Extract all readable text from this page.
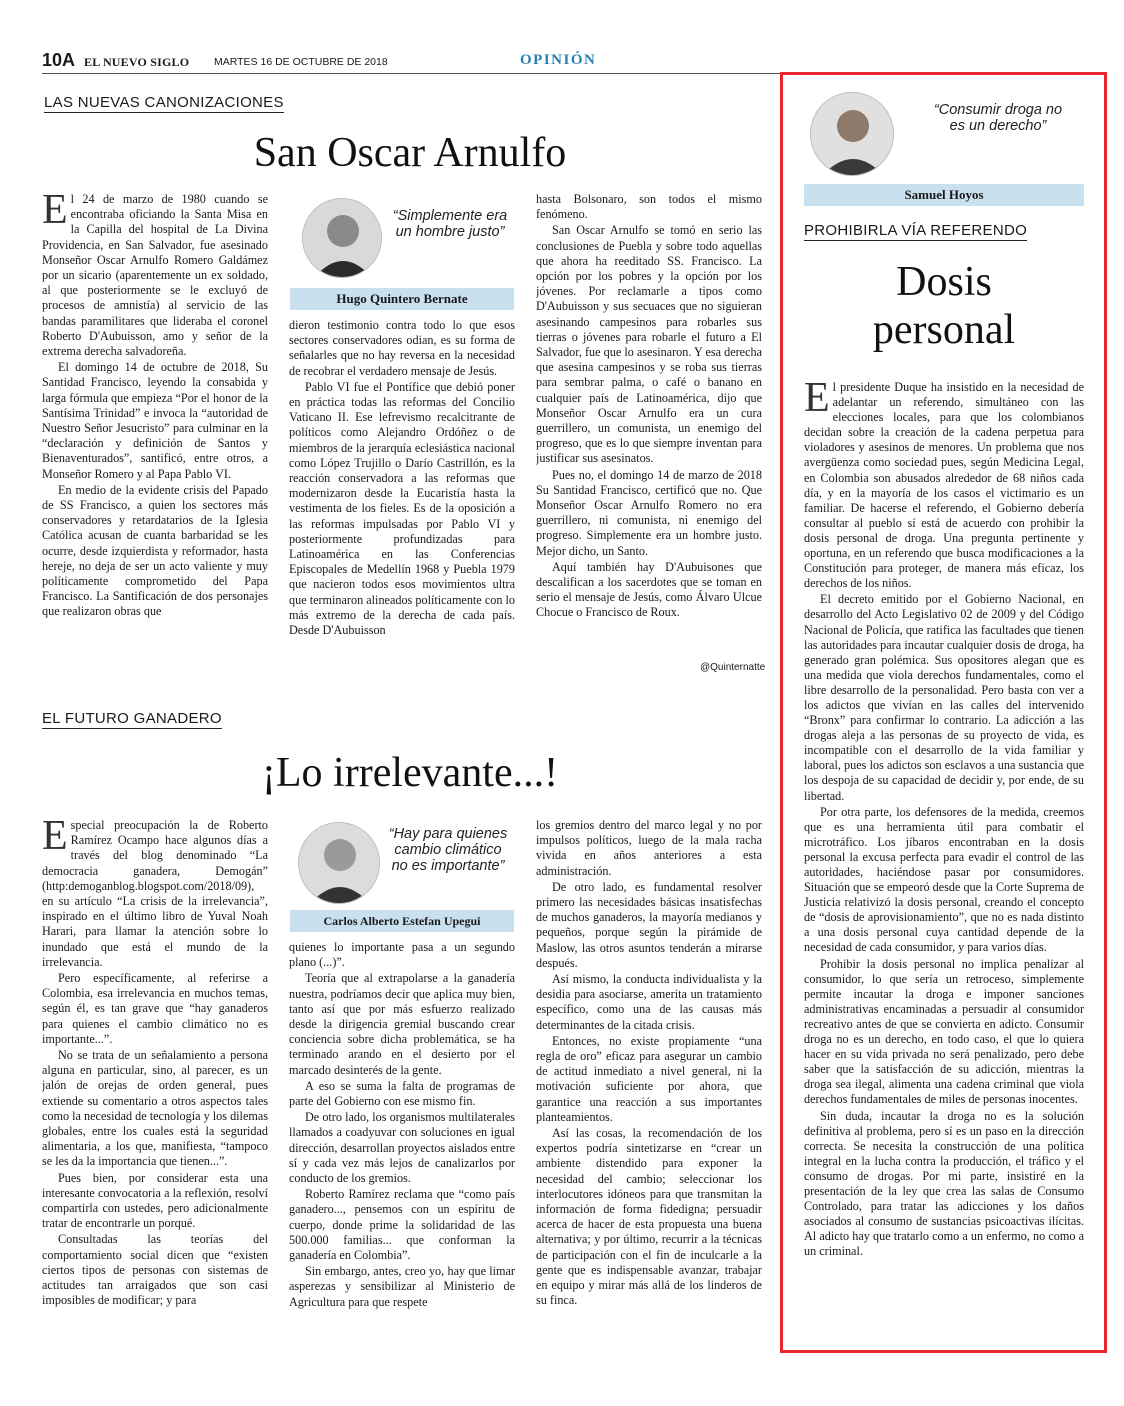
10A EL NUEVO SIGLO MARTES 16 DE OCTUBRE DE 2018	OPINIÓN
LAS NUEVAS CANONIZACIONES
San Oscar Arnulfo

El 24 de marzo de 1980 cuando se encontraba oficiando la Santa Misa en la Capilla del hospital de La Divina Providencia, en San Salvador, fue asesinado Monseñor Oscar Arnulfo Romero Galdámez por un sicario (aparentemente un ex soldado, al que posteriormente se le excluyó de procesos de amnistía) al servicio de las bandas paramilitares que lideraba el coronel Roberto D'Aubuisson, amo y señor de la extrema derecha salvadoreña.

El domingo 14 de octubre de 2018, Su Santidad Francisco, leyendo la consabida y larga fórmula que empieza “Por el honor de la Santísima Trinidad” e invoca la “autoridad de Nuestro Señor Jesucristo” para culminar en la “declaración y definición de Santos y Bienaventurados”, santificó, entre otros, a Monseñor Romero y al Papa Pablo VI.

En medio de la evidente crisis del Papado de SS Francisco, a quien los sectores más conservadores y retardatarios de la Iglesia Católica acusan de cuanta barbaridad se les ocurre, desde izquierdista y reformador, hasta hereje, no deja de ser un acto valiente y muy políticamente comprometido del Papa Francisco. La Santificación de dos personajes que realizaron obras que

“Simplemente era un hombre justo”
Hugo Quintero Bernate

dieron testimonio contra todo lo que esos sectores conservadores odian, es su forma de señalarles que no hay reversa en la necesidad de recobrar el verdadero mensaje de Jesús.

Pablo VI fue el Pontífice que debió poner en práctica todas las reformas del Concilio Vaticano II. Ese lefrevismo recalcitrante de políticos como Alejandro Ordóñez o de miembros de la jerarquía eclesiástica nacional como López Trujillo o Darío Castrillón, es la reacción conservadora a las reformas que modernizaron desde la Eucaristía hasta la vestimenta de los fieles. Es de la oposición a las reformas impulsadas por Pablo VI y posteriormente profundizadas para Latinoamérica en las Conferencias Episcopales de Medellín 1968 y Puebla 1979 que nacieron todos esos movimientos ultra que terminaron alineados políticamente con lo más extremo de la derecha de cada país. Desde D'Aubuisson

hasta Bolsonaro, son todos el mismo fenómeno.

San Oscar Arnulfo se tomó en serio las conclusiones de Puebla y sobre todo aquellas que ahora ha reeditado SS. Francisco. La opción por los pobres y la opción por los jóvenes. Por reclamarle a tipos como D'Aubuisson y sus secuaces que no siguieran asesinando campesinos para robarles sus tierras o jóvenes para robarle el futuro a El Salvador, fue que lo asesinaron. Y esa derecha que asesina campesinos y se roba sus tierras para sembrar palma, o café o banano en cualquier país de Latinoamérica, dijo que Monseñor Oscar Arnulfo era un cura guerrillero, un comunista, un enemigo del progreso, que es lo que siempre inventan para justificar sus asesinatos.

Pues no, el domingo 14 de marzo de 2018 Su Santidad Francisco, certificó que no. Que Monseñor Oscar Arnulfo Romero no era guerrillero, ni comunista, ni enemigo del progreso. Simplemente era un hombre justo. Mejor dicho, un Santo.

Aquí también hay D'Aubuisones que descalifican a los sacerdotes que se toman en serio el mensaje de Jesús, como Álvaro Ulcue Chocue o Francisco de Roux.

@Quinternatte
EL FUTURO GANADERO
¡Lo irrelevante...!

Especial preocupación la de Roberto Ramírez Ocampo hace algunos días a través del blog denominado “La democracia ganadera, Demogán” (http:demoganblog.blogspot.com/2018/09), en su artículo “La crisis de la irrelevancia”, inspirado en el último libro de Yuval Noah Harari, para llamar la atención sobre lo inundado que está el mundo de la irrelevancia.

Pero específicamente, al referirse a Colombia, esa irrelevancia en muchos temas, según él, es tan grave que “hay ganaderos para quienes el cambio climático no es importante...”.

No se trata de un señalamiento a persona alguna en particular, sino, al parecer, es un jalón de orejas de orden general, pues extiende su comentario a otros aspectos tales como la necesidad de tecnología y los dilemas globales, entre los cuales está la seguridad alimentaria, a los que, manifiesta, “tampoco se les da la importancia que tienen...”.

Pues bien, por considerar esta una interesante convocatoria a la reflexión, resolví compartirla con ustedes, pero adicionalmente tratar de encontrarle un porqué.

Consultadas las teorías del comportamiento social dicen que “existen ciertos tipos de personas con sistemas de actitudes tan arraigados que son casi imposibles de modificar; y para

“Hay para quienes cambio climático no es importante”
Carlos Alberto Estefan Upegui

quienes lo importante pasa a un segundo plano (...)”.

Teoría que al extrapolarse a la ganadería nuestra, podríamos decir que aplica muy bien, tanto así que por más esfuerzo realizado desde la dirigencia gremial buscando crear conciencia sobre dicha problemática, se ha terminado arando en el desierto por el marcado desinterés de la gente.

A eso se suma la falta de programas de parte del Gobierno con ese mismo fin.

De otro lado, los organismos multilaterales llamados a coadyuvar con soluciones en igual dirección, desarrollan proyectos aislados entre sí y cada vez más lejos de canalizarlos por conducto de los gremios.

Roberto Ramírez reclama que “como país ganadero..., pensemos con un espíritu de cuerpo, donde prime la solidaridad de las 500.000 familias... que conforman la ganadería en Colombia”.

Sin embargo, antes, creo yo, hay que limar asperezas y sensibilizar al Ministerio de Agricultura para que respete

los gremios dentro del marco legal y no por impulsos políticos, luego de la mala racha vivida en años anteriores a esta administración.

De otro lado, es fundamental resolver primero las necesidades básicas insatisfechas de muchos ganaderos, la mayoría medianos y pequeños, porque según la pirámide de Maslow, las otros asuntos tenderán a mirarse después.

Así mismo, la conducta individualista y la desidia para asociarse, amerita un tratamiento específico, como una de las causas más determinantes de la citada crisis.

Entonces, no existe propiamente “una regla de oro” eficaz para asegurar un cambio de actitud inmediato a nivel general, ni la motivación suficiente por ahora, que garantice una reacción a sus importantes planteamientos.

Así las cosas, la recomendación de los expertos podría sintetizarse en “crear un ambiente distendido para exponer la necesidad del cambio; seleccionar los interlocutores idóneos para que transmitan la información de forma fidedigna; persuadir acerca de hacer de esta propuesta una buena alternativa; y por último, recurrir a la técnicas de participación con el fin de inculcarle a la gente que es indispensable avanzar, trabajar en equipo y mirar más allá de los linderos de su finca.

“Consumir droga no es un derecho”
Samuel Hoyos
PROHIBIRLA VÍA REFERENDO
Dosis
personal

El presidente Duque ha insistido en la necesidad de adelantar un referendo, simultáneo con las elecciones locales, para que los colombianos decidan sobre la creación de la cadena perpetua para violadores y asesinos de menores. Un problema que nos avergüenza como sociedad pues, según Medicina Legal, en Colombia son abusados alrededor de 68 niños cada día, y en la mayoría de los casos el victimario es un familiar. De hacerse el referendo, el Gobierno debería consultar al pueblo sí está de acuerdo con prohibir la dosis personal de droga. Una pregunta pertinente y oportuna, en un referendo que busca modificaciones a la Constitución para proteger, de manera más eficaz, los derechos de los niños.

El decreto emitido por el Gobierno Nacional, en desarrollo del Acto Legislativo 02 de 2009 y del Código Nacional de Policía, que ratifica las facultades que tienen las autoridades para incautar cualquier dosis de droga, ha generado gran polémica. Sus opositores alegan que es una medida que viola derechos fundamentales, como el libre desarrollo de la personalidad. Pero basta con ver a los adictos que vivían en las calles del intervenido “Bronx” para confirmar lo contrario. La adicción a las drogas aleja a las personas de su proyecto de vida, es incompatible con el desarrollo de la vida familiar y laboral, pues los adictos son esclavos a una sustancia que los despoja de su capacidad de decidir y, por ende, de su libertad.

Por otra parte, los defensores de la medida, creemos que es una herramienta útil para combatir el microtráfico. Los jíbaros encontraban en la dosis personal la excusa perfecta para evadir el control de las autoridades, haciéndose pasar por consumidores. Situación que se empeoró desde que la Corte Suprema de Justicia relativizó la dosis personal, creando el concepto de “dosis de aprovisionamiento”, que no es nada distinto a una dosis personal cuya cantidad depende de la necesidad de cada consumidor, y para varios días.

Prohibir la dosis personal no implica penalizar al consumidor, lo que sería un retroceso, simplemente permite incautar la droga e imponer sanciones administrativas encaminadas a persuadir al consumidor recreativo antes de que se convierta en adicto. Consumir droga no es un derecho, en todo caso, el que lo quiera hacer en su vida privada no será penalizado, pero debe saber que la satisfacción de su adicción, mientras la droga sea ilegal, alimenta una cadena criminal que viola derechos fundamentales de miles de personas inocentes.

Sin duda, incautar la droga no es la solución definitiva al problema, pero sí es un paso en la dirección correcta. Se necesita la construcción de una política integral en la lucha contra la producción, el tráfico y el consumo de drogas. Por mi parte, insistiré en la presentación de la ley que crea las salas de Consumo Controlado, para tratar las adicciones y los daños asociados al consumo de sustancias psicoactivas ilícitas. Al adicto hay que tratarlo como a un enfermo, no como a un criminal.
